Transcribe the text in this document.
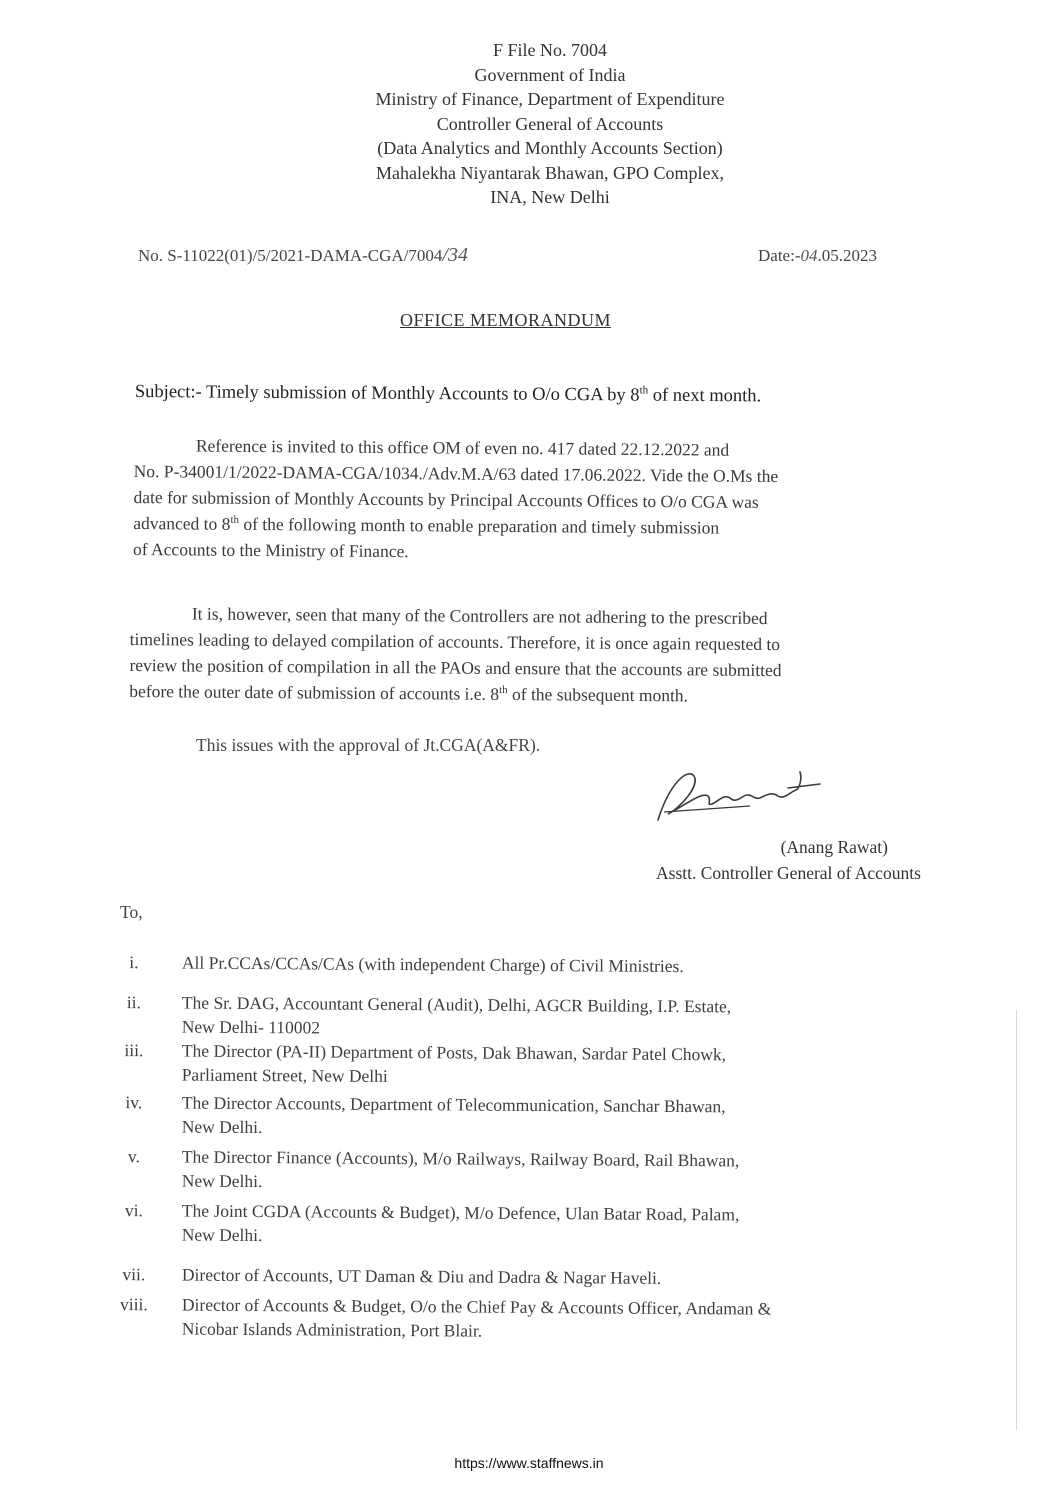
F File No. 7004
Government of India
Ministry of Finance, Department of Expenditure
Controller General of Accounts
(Data Analytics and Monthly Accounts Section)
Mahalekha Niyantarak Bhawan, GPO Complex,
INA, New Delhi
No. S-11022(01)/5/2021-DAMA-CGA/7004/34	Date:-04.05.2023
OFFICE MEMORANDUM
Subject:- Timely submission of Monthly Accounts to O/o CGA by 8th of next month.
Reference is invited to this office OM of even no. 417 dated 22.12.2022 and
No. P-34001/1/2022-DAMA-CGA/1034./Adv.M.A/63 dated 17.06.2022. Vide the O.Ms the
date for submission of Monthly Accounts by Principal Accounts Offices to O/o CGA was
advanced to 8th of the following month to enable preparation and timely submission
of Accounts to the Ministry of Finance.
It is, however, seen that many of the Controllers are not adhering to the prescribed
timelines leading to delayed compilation of accounts. Therefore, it is once again requested to
review the position of compilation in all the PAOs and ensure that the accounts are submitted
before the outer date of submission of accounts i.e. 8th of the subsequent month.
This issues with the approval of Jt.CGA(A&FR).
(Anang Rawat)
Asstt. Controller General of Accounts
To,
i.	All Pr.CCAs/CCAs/CAs (with independent Charge) of Civil Ministries.
ii.	The Sr. DAG, Accountant General (Audit), Delhi, AGCR Building, I.P. Estate,
New Delhi- 110002
iii.	The Director (PA-II) Department of Posts, Dak Bhawan, Sardar Patel Chowk,
Parliament Street, New Delhi
iv.	The Director Accounts, Department of Telecommunication, Sanchar Bhawan,
New Delhi.
v.	The Director Finance (Accounts), M/o Railways, Railway Board, Rail Bhawan,
New Delhi.
vi.	The Joint CGDA (Accounts & Budget), M/o Defence, Ulan Batar Road, Palam,
New Delhi.
vii.	Director of Accounts, UT Daman & Diu and Dadra & Nagar Haveli.
viii.	Director of Accounts & Budget, O/o the Chief Pay & Accounts Officer, Andaman &
Nicobar Islands Administration, Port Blair.
https://www.staffnews.in
